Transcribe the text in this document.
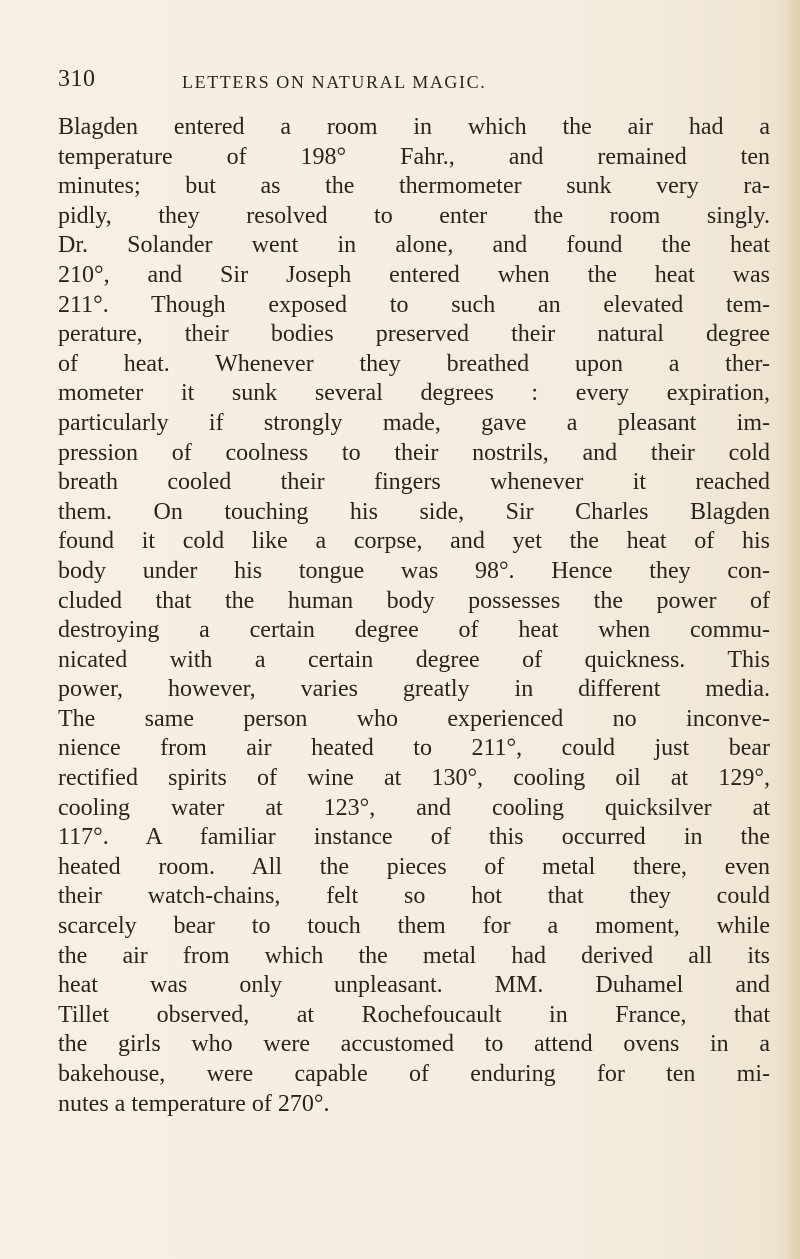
310	LETTERS ON NATURAL MAGIC.
Blagden entered a room in which the air had a
temperature of 198° Fahr., and remained ten
minutes; but as the thermometer sunk very ra-
pidly, they resolved to enter the room singly.
Dr. Solander went in alone, and found the heat
210°, and Sir Joseph entered when the heat was
211°. Though exposed to such an elevated tem-
perature, their bodies preserved their natural degree
of heat. Whenever they breathed upon a ther-
mometer it sunk several degrees : every expiration,
particularly if strongly made, gave a pleasant im-
pression of coolness to their nostrils, and their cold
breath cooled their fingers whenever it reached
them. On touching his side, Sir Charles Blagden
found it cold like a corpse, and yet the heat of his
body under his tongue was 98°. Hence they con-
cluded that the human body possesses the power of
destroying a certain degree of heat when commu-
nicated with a certain degree of quickness. This
power, however, varies greatly in different media.
The same person who experienced no inconve-
nience from air heated to 211°, could just bear
rectified spirits of wine at 130°, cooling oil at 129°,
cooling water at 123°, and cooling quicksilver at
117°. A familiar instance of this occurred in the
heated room. All the pieces of metal there, even
their watch-chains, felt so hot that they could
scarcely bear to touch them for a moment, while
the air from which the metal had derived all its
heat was only unpleasant. MM. Duhamel and
Tillet observed, at Rochefoucault in France, that
the girls who were accustomed to attend ovens in a
bakehouse, were capable of enduring for ten mi-
nutes a temperature of 270°.
